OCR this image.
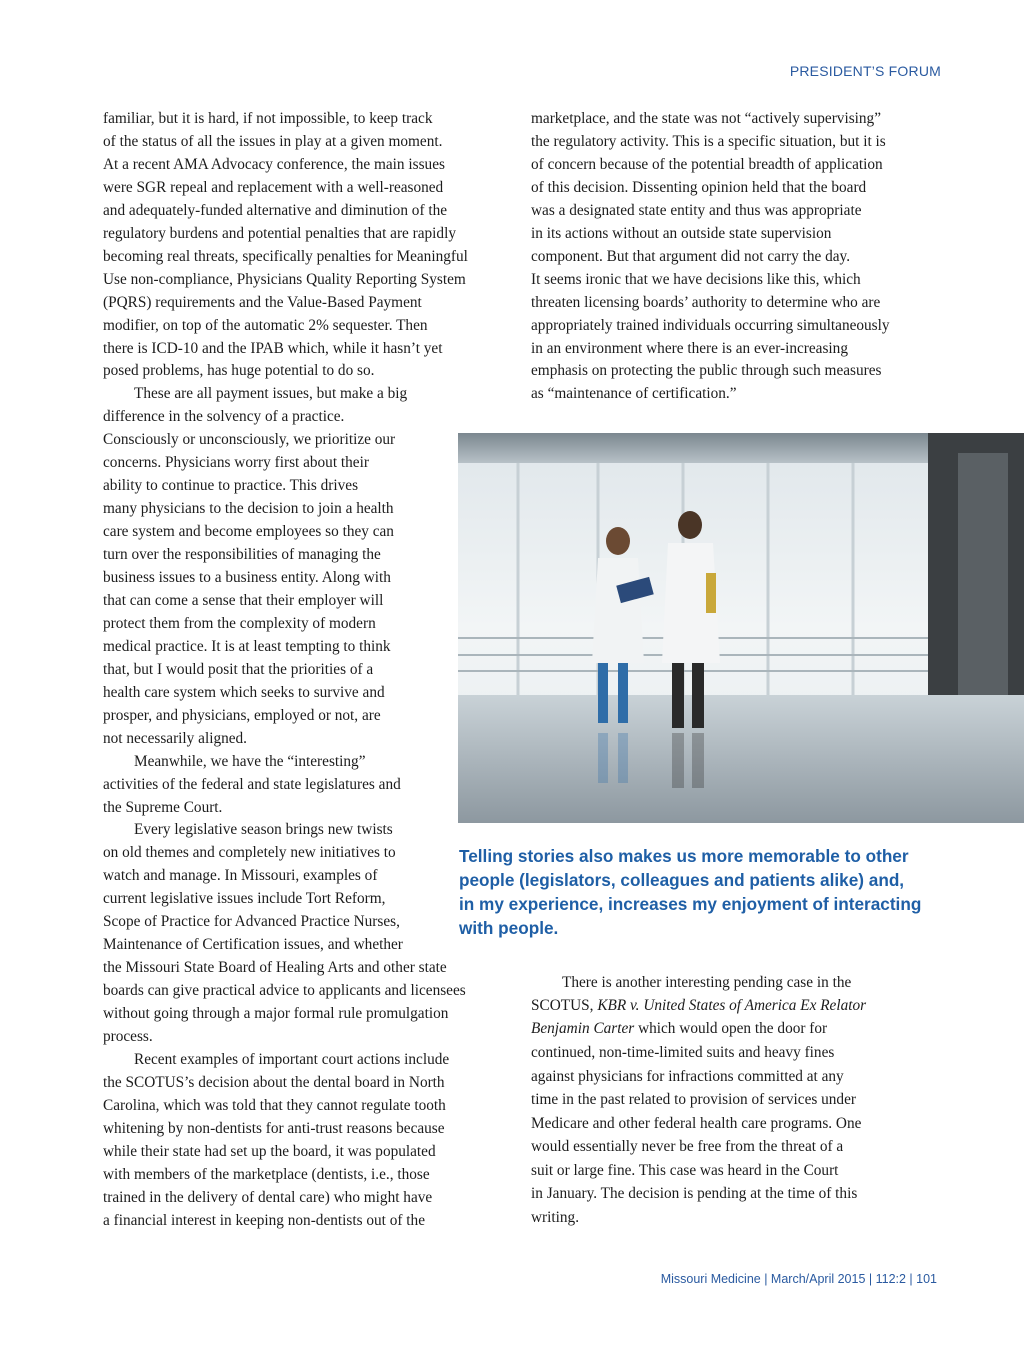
PRESIDENT’S FORUM
familiar, but it is hard, if not impossible, to keep track
of the status of all the issues in play at a given moment.
At a recent AMA Advocacy conference, the main issues
were SGR repeal and replacement with a well-reasoned
and adequately-funded alternative and diminution of the
regulatory burdens and potential penalties that are rapidly
becoming real threats, specifically penalties for Meaningful
Use non-compliance, Physicians Quality Reporting System
(PQRS) requirements and the Value-Based Payment
modifier, on top of the automatic 2% sequester. Then
there is ICD-10 and the IPAB which, while it hasn’t yet
posed problems, has huge potential to do so.
These are all payment issues, but make a big
difference in the solvency of a practice.
Consciously or unconsciously, we prioritize our
concerns. Physicians worry first about their
ability to continue to practice. This drives
many physicians to the decision to join a health
care system and become employees so they can
turn over the responsibilities of managing the
business issues to a business entity. Along with
that can come a sense that their employer will
protect them from the complexity of modern
medical practice. It is at least tempting to think
that, but I would posit that the priorities of a
health care system which seeks to survive and
prosper, and physicians, employed or not, are
not necessarily aligned.
Meanwhile, we have the “interesting”
activities of the federal and state legislatures and
the Supreme Court.
Every legislative season brings new twists
on old themes and completely new initiatives to
watch and manage. In Missouri, examples of
current legislative issues include Tort Reform,
Scope of Practice for Advanced Practice Nurses,
Maintenance of Certification issues, and whether
the Missouri State Board of Healing Arts and other state
boards can give practical advice to applicants and licensees
without going through a major formal rule promulgation
process.
Recent examples of important court actions include
the SCOTUS’s decision about the dental board in North
Carolina, which was told that they cannot regulate tooth
whitening by non-dentists for anti-trust reasons because
while their state had set up the board, it was populated
with members of the marketplace (dentists, i.e., those
trained in the delivery of dental care) who might have
a financial interest in keeping non-dentists out of the
marketplace, and the state was not “actively supervising”
the regulatory activity. This is a specific situation, but it is
of concern because of the potential breadth of application
of this decision. Dissenting opinion held that the board
was a designated state entity and thus was appropriate
in its actions without an outside state supervision
component. But that argument did not carry the day.
It seems ironic that we have decisions like this, which
threaten licensing boards’ authority to determine who are
appropriately trained individuals occurring simultaneously
in an environment where there is an ever-increasing
emphasis on protecting the public through such measures
as “maintenance of certification.”
Telling stories also makes us more memorable to other
people (legislators, colleagues and patients alike) and,
in my experience, increases my enjoyment of interacting
with people.
There is another interesting pending case in the
SCOTUS, KBR v. United States of America Ex Relator
Benjamin Carter which would open the door for
continued, non-time-limited suits and heavy fines
against physicians for infractions committed at any
time in the past related to provision of services under
Medicare and other federal health care programs. One
would essentially never be free from the threat of a
suit or large fine. This case was heard in the Court
in January. The decision is pending at the time of this
writing.
Missouri Medicine | March/April 2015 | 112:2 | 101
